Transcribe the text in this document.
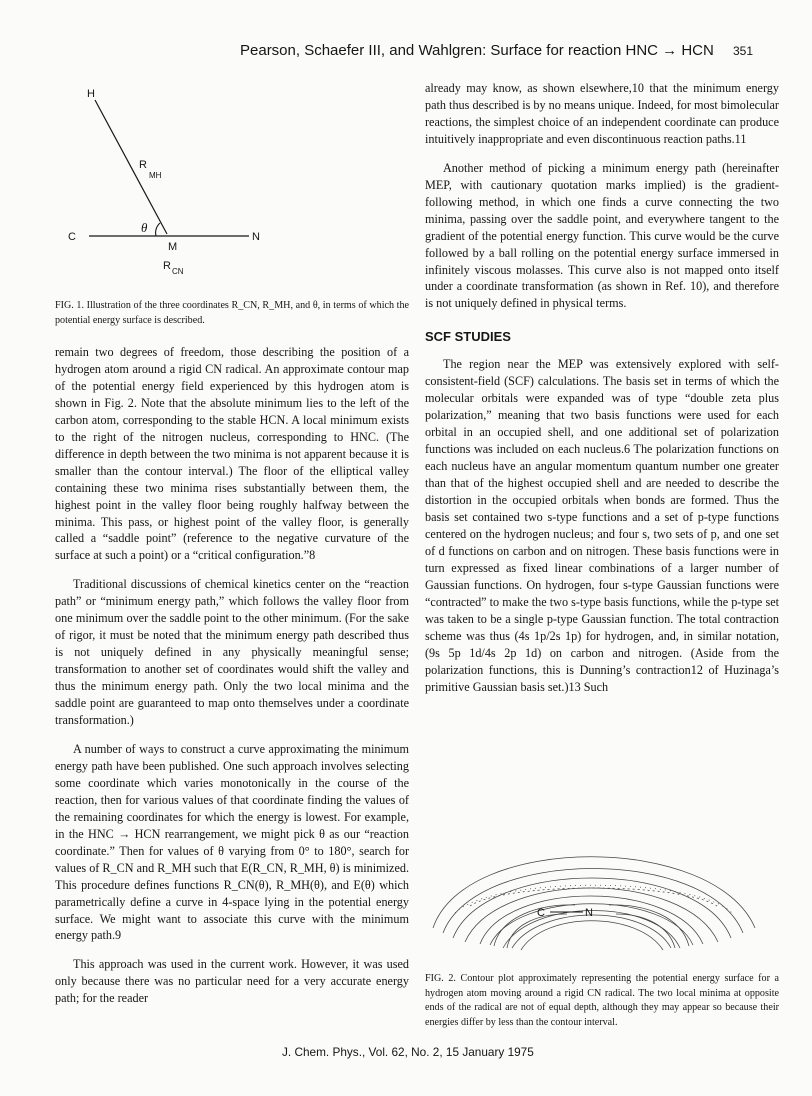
Pearson, Schaefer III, and Wahlgren: Surface for reaction HNC → HCN 351
H
R
MH
θ
C
M
N
R CN

FIG. 1. Illustration of the three coordinates R_CN, R_MH, and θ, in terms of which the potential energy surface is described.

remain two degrees of freedom, those describing the position of a hydrogen atom around a rigid CN radical. An approximate contour map of the potential energy field experienced by this hydrogen atom is shown in Fig. 2. Note that the absolute minimum lies to the left of the carbon atom, corresponding to the stable HCN. A local minimum exists to the right of the nitrogen nucleus, corresponding to HNC. (The difference in depth between the two minima is not apparent because it is smaller than the contour interval.) The floor of the elliptical valley containing these two minima rises substantially between them, the highest point in the valley floor being roughly halfway between the minima. This pass, or highest point of the valley floor, is generally called a “saddle point” (reference to the negative curvature of the surface at such a point) or a “critical configuration.”8

Traditional discussions of chemical kinetics center on the “reaction path” or “minimum energy path,” which follows the valley floor from one minimum over the saddle point to the other minimum. (For the sake of rigor, it must be noted that the minimum energy path described thus is not uniquely defined in any physically meaningful sense; transformation to another set of coordinates would shift the valley and thus the minimum energy path. Only the two local minima and the saddle point are guaranteed to map onto themselves under a coordinate transformation.)

A number of ways to construct a curve approximating the minimum energy path have been published. One such approach involves selecting some coordinate which varies monotonically in the course of the reaction, then for various values of that coordinate finding the values of the remaining coordinates for which the energy is lowest. For example, in the HNC → HCN rearrangement, we might pick θ as our “reaction coordinate.” Then for values of θ varying from 0° to 180°, search for values of R_CN and R_MH such that E(R_CN, R_MH, θ) is minimized. This procedure defines functions R_CN(θ), R_MH(θ), and E(θ) which parametrically define a curve in 4-space lying in the potential energy surface. We might want to associate this curve with the minimum energy path.9

This approach was used in the current work. However, it was used only because there was no particular need for a very accurate energy path; for the reader

already may know, as shown elsewhere,10 that the minimum energy path thus described is by no means unique. Indeed, for most bimolecular reactions, the simplest choice of an independent coordinate can produce intuitively inappropriate and even discontinuous reaction paths.11

Another method of picking a minimum energy path (hereinafter MEP, with cautionary quotation marks implied) is the gradient-following method, in which one finds a curve connecting the two minima, passing over the saddle point, and everywhere tangent to the gradient of the potential energy function. This curve would be the curve followed by a ball rolling on the potential energy surface immersed in infinitely viscous molasses. This curve also is not mapped onto itself under a coordinate transformation (as shown in Ref. 10), and therefore is not uniquely defined in physical terms.

SCF STUDIES

The region near the MEP was extensively explored with self-consistent-field (SCF) calculations. The basis set in terms of which the molecular orbitals were expanded was of type “double zeta plus polarization,” meaning that two basis functions were used for each orbital in an occupied shell, and one additional set of polarization functions was included on each nucleus.6 The polarization functions on each nucleus have an angular momentum quantum number one greater than that of the highest occupied shell and are needed to describe the distortion in the occupied orbitals when bonds are formed. Thus the basis set contained two s-type functions and a set of p-type functions centered on the hydrogen nucleus; and four s, two sets of p, and one set of d functions on carbon and on nitrogen. These basis functions were in turn expressed as fixed linear combinations of a larger number of Gaussian functions. On hydrogen, four s-type Gaussian functions were “contracted” to make the two s-type basis functions, while the p-type set was taken to be a single p-type Gaussian function. The total contraction scheme was thus (4s 1p/2s 1p) for hydrogen, and, in similar notation, (9s 5p 1d/4s 2p 1d) on carbon and nitrogen. (Aside from the polarization functions, this is Dunning’s contraction12 of Huzinaga’s primitive Gaussian basis set.)13 Such

C	N

FIG. 2. Contour plot approximately representing the potential energy surface for a hydrogen atom moving around a rigid CN radical. The two local minima at opposite ends of the radical are not of equal depth, although they may appear so because their energies differ by less than the contour interval.

J. Chem. Phys., Vol. 62, No. 2, 15 January 1975
